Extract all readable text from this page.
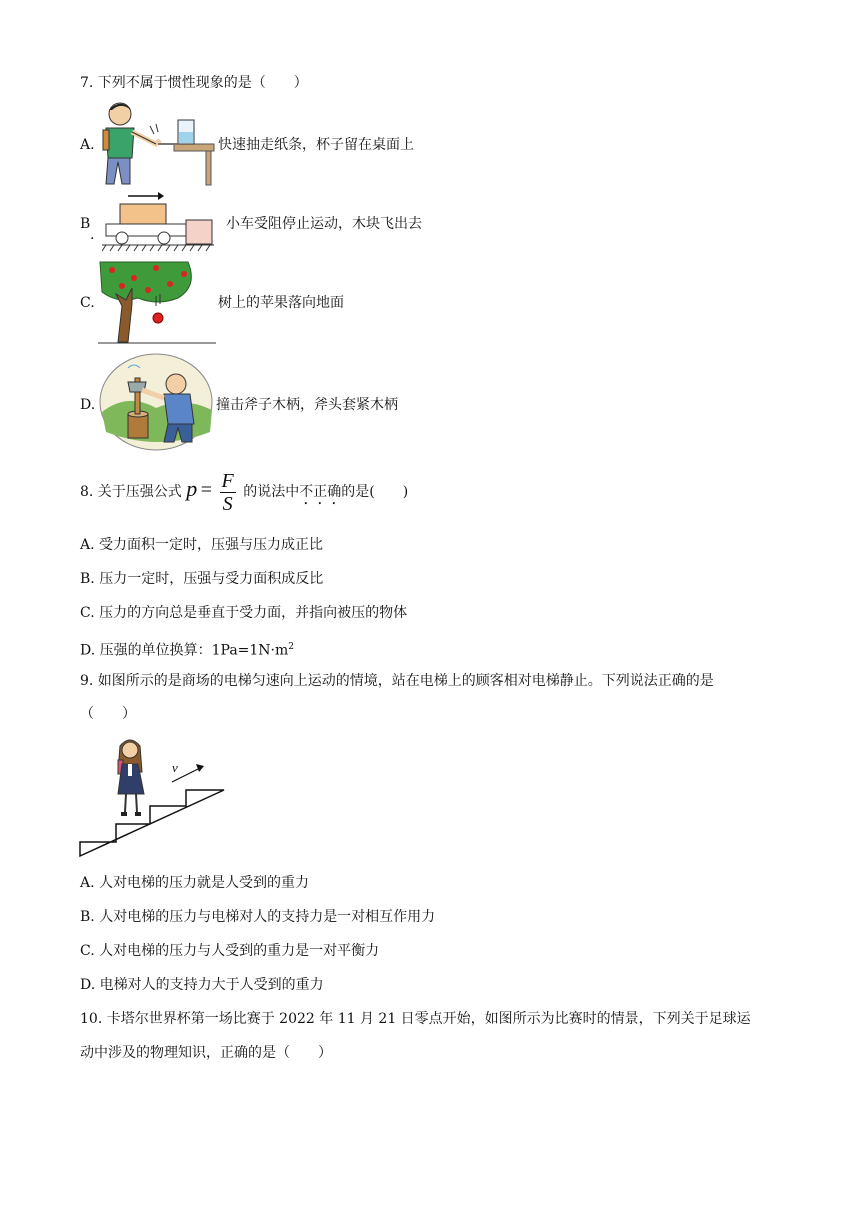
7. 下列不属于惯性现象的是（　　）
A.	快速抽走纸条，杯子留在桌面上
B
.
小车受阻停止运动，木块飞出去
C.	树上的苹果落向地面
D.	撞击斧子木柄，斧头套紧木柄
8. 关于压强公式 $p = \frac{F}{S}$ 的说法中不正确的是(　　)
A. 受力面积一定时，压强与压力成正比
B. 压力一定时，压强与受力面积成反比
C. 压力的方向总是垂直于受力面，并指向被压的物体
D. 压强的单位换算：$1Pa=1N\cdot m^2$
9. 如图所示的是商场的电梯匀速向上运动的情境，站在电梯上的顾客相对电梯静止。下列说法正确的是
（　　）
v
A. 人对电梯的压力就是人受到的重力
B. 人对电梯的压力与电梯对人的支持力是一对相互作用力
C. 人对电梯的压力与人受到的重力是一对平衡力
D. 电梯对人的支持力大于人受到的重力
10. 卡塔尔世界杯第一场比赛于 2022 年 11 月 21 日零点开始，如图所示为比赛时的情景，下列关于足球运
动中涉及的物理知识，正确的是（　　）
